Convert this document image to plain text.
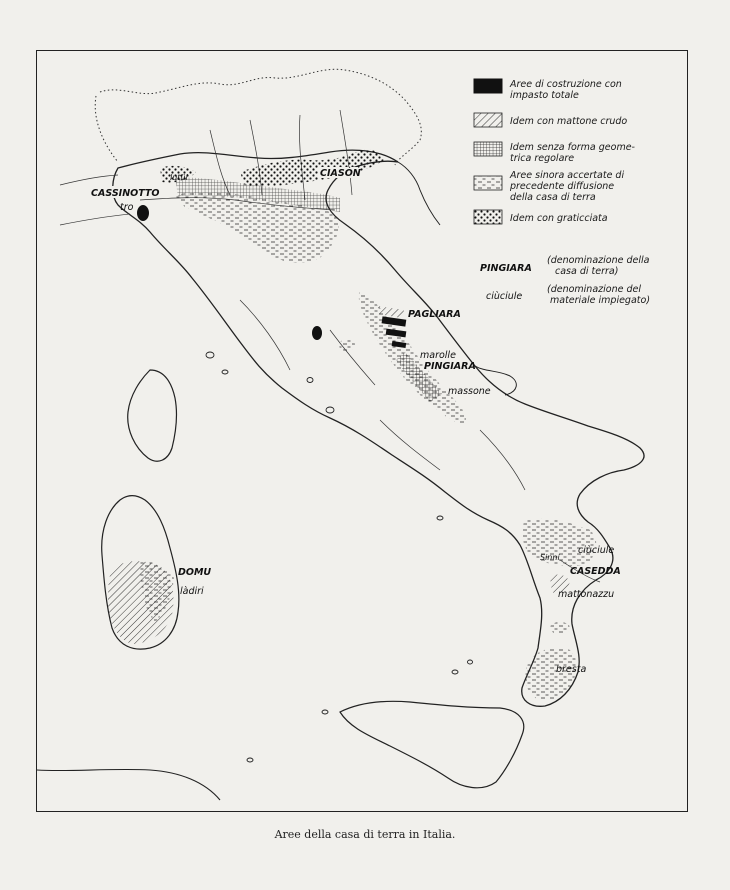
CASSINOTTO
tro
lutül	CIASÒN
PAGLIARA
marolle
PINGIARA
massone
DOMU
làdiri
ciùciule
Sinni
CASEDDA
mattonazzu
bresta
Aree di costruzione con
impasto totale
Idem con mattone crudo
Idem senza forma geome-
trica regolare
Aree sinora accertate di
precedente diffusione
della casa di terra
Idem con graticciata
PINGIARA
(denominazione della
casa di terra)
ciùciule
(denominazione del
materiale impiegato)
Aree della casa di terra in Italia.
